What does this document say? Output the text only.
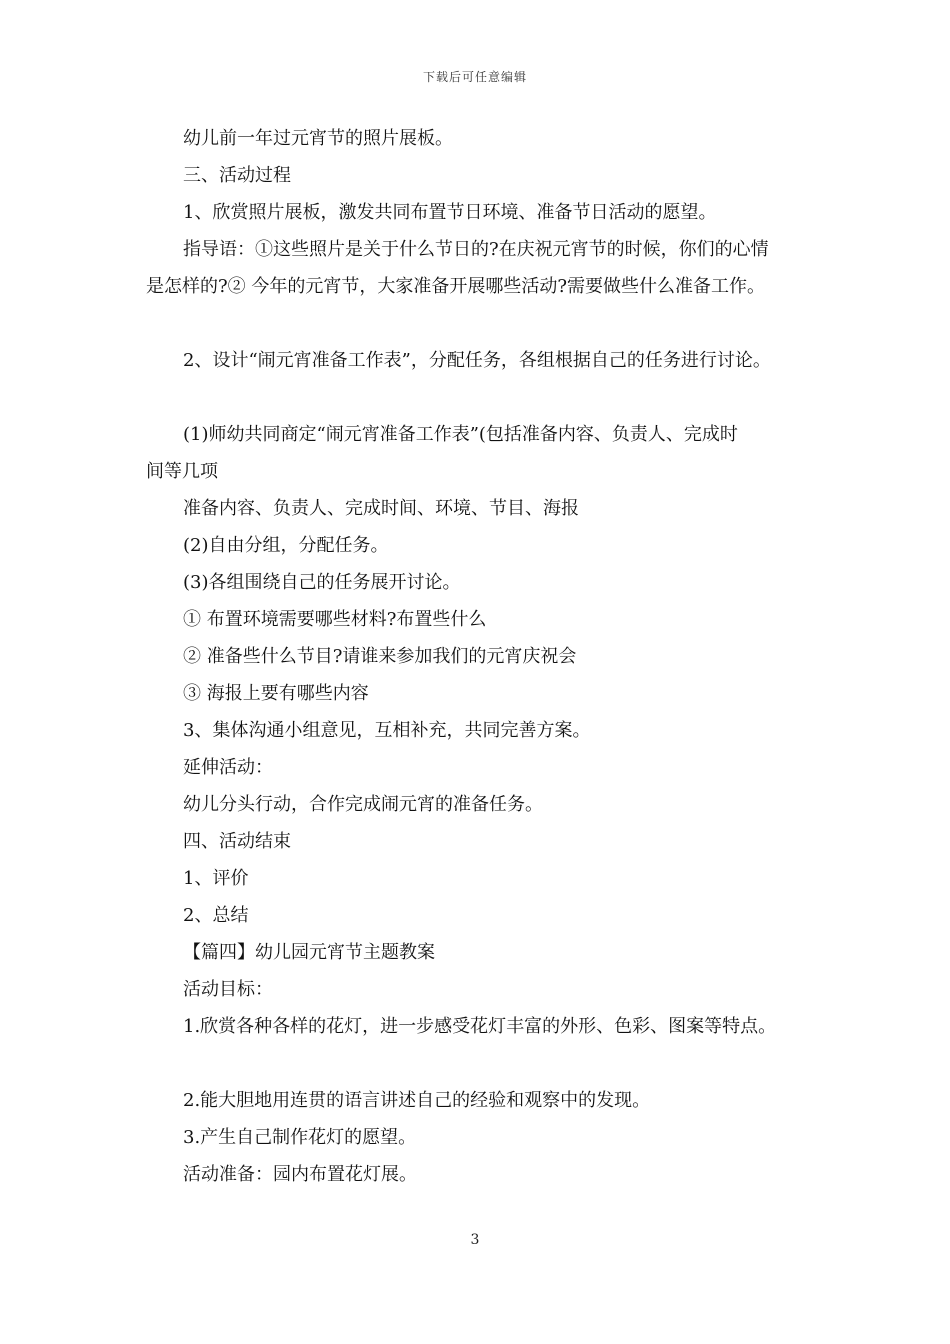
下载后可任意编辑
幼儿前一年过元宵节的照片展板。
三、活动过程
1、欣赏照片展板，激发共同布置节日环境、准备节日活动的愿望。
指导语：①这些照片是关于什么节日的?在庆祝元宵节的时候，你们的心情
是怎样的?② 今年的元宵节，大家准备开展哪些活动?需要做些什么准备工作。
2、设计“闹元宵准备工作表”，分配任务，各组根据自己的任务进行讨论。
(1)师幼共同商定“闹元宵准备工作表”(包括准备内容、负责人、完成时
间等几项
准备内容、负责人、完成时间、环境、节目、海报
(2)自由分组，分配任务。
(3)各组围绕自己的任务展开讨论。
① 布置环境需要哪些材料?布置些什么
② 准备些什么节目?请谁来参加我们的元宵庆祝会
③ 海报上要有哪些内容
3、集体沟通小组意见，互相补充，共同完善方案。
延伸活动：
幼儿分头行动，合作完成闹元宵的准备任务。
四、活动结束
1、评价
2、总结
【篇四】幼儿园元宵节主题教案
活动目标：
1.欣赏各种各样的花灯，进一步感受花灯丰富的外形、色彩、图案等特点。
2.能大胆地用连贯的语言讲述自己的经验和观察中的发现。
3.产生自己制作花灯的愿望。
活动准备：园内布置花灯展。
3
